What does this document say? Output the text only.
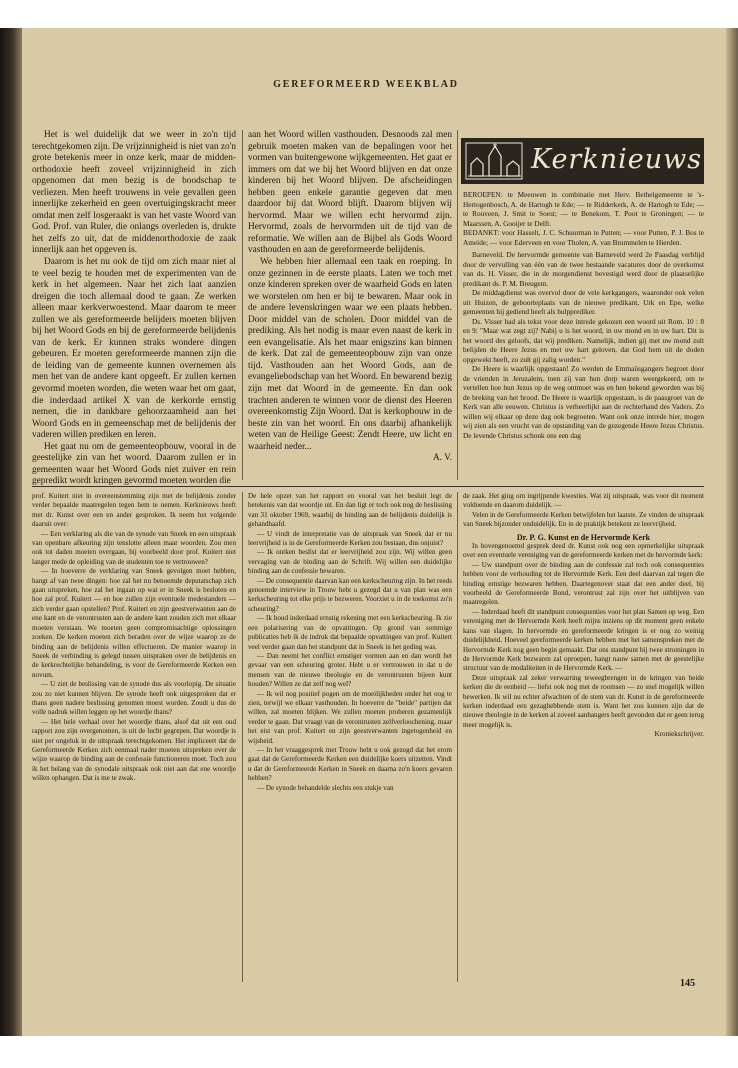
GEREFORMEERD WEEKBLAD

Het is wel duidelijk dat we weer in zo'n tijd terechtgekomen zijn. De vrijzinnigheid is niet van zo'n grote betekenis meer in onze kerk, maar de midden-orthodoxie heeft zoveel vrijzinnigheid in zich opgenomen dat men bezig is de boodschap te verliezen. Men heeft trouwens in vele gevallen geen innerlijke zekerheid en geen overtuigingskracht meer omdat men zelf losgeraakt is van het vaste Woord van God. Prof. van Ruler, die onlangs overleden is, drukte het zelfs zo uit, dat de middenorthodoxie de zaak innerlijk aan het opgeven is.

Daarom is het nu ook de tijd om zich maar niet al te veel bezig te houden met de experimenten van de kerk in het algemeen. Naar het zich laat aanzien dreigen die toch allemaal dood te gaan. Ze werken alleen maar kerkverwoestend. Maar daarom te meer zullen we als gereformeerde belijders moeten blijven bij het Woord Gods en bij de gereformeerde belijdenis van de kerk. Er kunnen straks wondere dingen gebeuren. Er moeten gereformeerde mannen zijn die de leiding van de gemeente kunnen overnemen als men het van de andere kant opgeeft. Er zullen kernen gevormd moeten worden, die weten waar het om gaat, die inderdaad artikel X van de kerkorde ernstig nemen, die in dankbare gehoorzaamheid aan het Woord Gods en in gemeenschap met de belijdenis der vaderen willen prediken en leren.

Het gaat nu om de gemeenteopbouw, vooral in de geestelijke zin van het woord. Daarom zullen er in gemeenten waar het Woord Gods niet zuiver en rein gepredikt wordt kringen gevormd moeten worden die

aan het Woord willen vasthouden. Desnoods zal men gebruik moeten maken van de bepalingen voor het vormen van buitengewone wijkgemeenten. Het gaat er immers om dat we bij het Woord blijven en dat onze kinderen bij het Woord blijven. De afscheidingen hebben geen enkele garantie gegeven dat men daardoor bij dat Woord blijft. Daarom blijven wij hervormd. Maar we willen echt hervormd zijn. Hervormd, zoals de hervormden uit de tijd van de reformatie. We willen aan de Bijbel als Gods Woord vasthouden en aan de gereformeerde belijdenis.

We hebben hier allemaal een taak en roeping. In onze gezinnen in de eerste plaats. Laten we toch met onze kinderen spreken over de waarheid Gods en laten we worstelen om hen er bij te bewaren. Maar ook in de andere levenskringen waar we een plaats hebben. Door middel van de scholen. Door middel van de prediking. Als het nodig is maar even naast de kerk in een evangelisatie. Als het maar enigszins kan binnen de kerk. Dat zal de gemeenteopbouw zijn van onze tijd. Vasthouden aan het Woord Gods, aan de evangeliebodschap van het Woord. En bewarend bezig zijn met dat Woord in de gemeente. En dan ook trachten anderen te winnen voor de dienst des Heeren overeenkomstig Zijn Woord. Dat is kerkopbouw in de beste zin van het woord. En ons daarbij afhankelijk weten van de Heilige Geest: Zendt Heere, uw licht en waarheid neder...

A. V.

Kerknieuws

BEROEPEN: te Meeuwen in combinatie met Herv. Bethelgemeente te 's-Hertogenbosch, A. de Hartogh te Ede; — te Ridderkerk, A. de Hartogh te Ede; — te Rouveen, J. Smit te Soest; — te Benekom, T. Poot te Groningen; — te Maarssen, A. Gooijer te Delft.

BEDANKT: voor Hasselt, J. C. Schuurman te Putten; — voor Putten, P. J. Bos te Ameide; — voor Ederveen en voor Tholen, A. van Brummelen te Hierden.

Barneveld. De hervormde gemeente van Barneveld werd 2e Paasdag verblijd door de vervulling van één van de twee bestaande vacatures door de overkomst van ds. H. Visser, die in de morgendienst bevestigd werd door de plaatselijke predikant ds. P. M. Breugem.

De middagdienst was overvol door de vele kerkgangers, waaronder ook velen uit Huizen, de geboorteplaats van de nieuwe predikant, Urk en Epe, welke gemeenten hij gediend heeft als hulpprediker.

Ds. Visser had als tekst voor deze intrede gekozen een woord uit Rom. 10 : 8 en 9: "Maar wat zegt zij? Nabij u is het woord, in uw mond en in uw hart. Dit is het woord des geloofs, dat wij prediken. Namelijk, indien gij met uw mond zult belijden de Heere Jezus en met uw hart geloven, dat God hem uit de doden opgewekt heeft, zo zult gij zalig worden."

De Heere is waarlijk opgestaan! Zo werden de Emmaüsgangers begroet door de vrienden in Jeruzalem, toen zij van hun dorp waren weergekeerd, om te vertellen hoe hun Jezus op de weg ontmoet was en hen bekend geworden was bij de breking van het brood. De Heere is waarlijk opgestaan, is de paasgroet van de Kerk van alle eeuwen. Christus is verheerlijkt aan de rechterhand des Vaders. Zo willen wij elkaar op deze dag ook begroeten. Want ook onze intrede hier, mogen wij zien als een vrucht van de opstanding van de gezegende Heere Jezus Christus. De levende Christus schonk ons een dag

prof. Kuitert niet in overeenstemming zijn met de belijdenis zonder verder bepaalde maatregelen tegen hem te nemen. Kerknieuws heeft met dr. Kunst over een en ander gesproken. Ik neem het volgende daaruit over:

— Een verklaring als die van de synode van Sneek en een uitspraak van openbare afkeuring zijn tenslotte alleen maar woorden. Zou men ook tot daden moeten overgaan, bij voorbeeld door prof. Kuitert niet langer mede de opleiding van de studenten toe te vertrouwen?

— In hoeverre de verklaring van Sneek gevolgen moet hebben, hangt af van twee dingen: hoe zal het nu benoemde deputatschap zich gaan uitspreken, hoe zal het ingaan op wat er in Sneek is besloten en hoe zal prof. Kuitert — en hoe zullen zijn eventuele medestanders — zich verder gaan opstellen? Prof. Kuitert en zijn geestverwanten aan de ene kant en de verontrusten aan de andere kant zouden zich met elkaar moeten verstaan. We moeten geen compromisachtige oplossingen zoeken. De kerken moeten zich beraden over de wijze waarop ze de binding aan de belijdenis willen effectueren. De manier waarop in Sneek de verbinding is gelegd tussen uitspraken over de belijdenis en de kerkrechtelijke behandeling, is voor de Gereformeerde Kerken een novum.

— U ziet de beslissing van de synode dus als voorlopig. De situatie zou zo niet kunnen blijven. De synode heeft ook uitgesproken dat er thans geen nadere beslissing genomen moest worden. Zoudt u dus de volle nadruk willen leggen op het woordje thans?

— Het hele verhaal over het woordje thans, alsof dat uit een oud rapport zou zijn overgenomen, is uit de lucht gegrepen. Dat woordje is niet per ongeluk in de uitspraak terechtgekomen. Het impliceert dat de Gereformeerde Kerken zich eenmaal nader moeten uitspreken over de wijze waarop de binding aan de confessie functioneren moet. Toch zou ik het belang van de synodale uitspraak ook niet aan dat ene woordje willen ophangen. Dat is me te zwak.

De hele opzet van het rapport en vooral van het besluit legt de betekenis van dat woordje uit. En dan ligt er toch ook nog de beslissing van 31 oktober 1969, waarbij de binding aan de belijdenis duidelijk is gehandhaafd.

— U vindt de interpretatie van de uitspraak van Sneek dat er nu leervrijheid is in de Gereformeerde Kerken zou bestaan, dus onjuist?

— Ik ontken beslist dat er leervrijheid zou zijn. Wij willen geen vervaging van de binding aan de Schrift. Wij willen een duidelijke binding aan de confessie bewaren.

— De consequentie daarvan kan een kerkscheuring zijn. In het reeds genoemde interview in Trouw hebt u gezegd dat u van plan was een kerkscheuring tot elke prijs te bezweren. Voorziet u in de toekomst zo'n scheuring?

— Ik houd inderdaad ernstig rekening met een kerkscheuring. Ik zie een polarisering van de opvattingen. Op grond van sommige publicaties heb ik de indruk dat bepaalde opvattingen van prof. Kuitert veel verder gaan dan het standpunt dat in Sneek in het geding was.

— Dan neemt het conflict ernstiger vormen aan en dan wordt het gevaar van een scheuring groter. Hebt u er vertrouwen in dat u de mensen van de nieuwe theologie en de verontrusten bijeen kunt houden? Willen ze dat zelf nog wel?

— Ik wil nog positief pogen om de moeilijkheden onder het oog te zien, terwijl we elkaar vasthouden. In hoeverre de "beide" partijen dat willen, zal moeten blijken. We zullen moeten proberen gezamenlijk verder te gaan. Dat vraagt van de verontrusten zelfverloochening, maar het eist van prof. Kuitert en zijn geestverwanten ingetogenheid en wijsheid.

— In het vraaggesprek met Trouw hebt u ook gezegd dat het erom gaat dat de Gereformeerde Kerken een duidelijke koers uitzetten. Vindt u dat de Gereformeerde Kerken in Sneek en daarna zo'n koers gevaren hebben?

— De synode behandelde slechts een stukje van

de zaak. Het ging om ingrijpende kwesties. Wat zij uitspraak, was voor dit moment voldoende en daarom duidelijk. —

Velen in de Gereformeerde Kerken betwijfelen het laatste. Ze vinden de uitspraak van Sneek bijzonder onduidelijk. En in de praktijk betekent ze leervrijheid.

Dr. P. G. Kunst en de Hervormde Kerk

In bovengenoemd gesprek deed dr. Kunst ook nog een opmerkelijke uitspraak over een eventuele vereniging van de gereformeerde kerken met de hervormde kerk:

— Uw standpunt over de binding aan de confessie zal toch ook consequenties hebben voor de verhouding tot de Hervormde Kerk. Een deel daarvan zal tegen die binding ernstige bezwaren hebben. Daartegenover staat dat een ander deel, bij voorbeeld de Gereformeerde Bond, verontrust zal zijn over het uitblijven van maatregelen.

— Inderdaad heeft dit standpunt consequenties voor het plan Samen op weg. Een vereniging met de Hervormde Kerk heeft mijns inziens op dit moment geen enkele kans van slagen. In hervormde en gereformeerde kringen is er nog zo weinig duidelijkheid. Hoeveel gereformeerde kerken hebben met het samenspreken met de Hervormde Kerk nog geen begin gemaakt. Dat ons standpunt bij twee stromingen in de Hervormde Kerk bezwaren zal oproepen, hangt nauw samen met de geestelijke structuur van de modaliteiten in de Hervormde Kerk. —

Deze uitspraak zal zeker verwarring teweegbrengen in de kringen van beide kerken die de eenheid — liefst ook nog met de roomsen — zo snel mogelijk willen bewerken. Ik wil nu echter afwachten of de stem van dr. Kunst in de gereformeerde kerken inderdaad een gezaghebbende stem is. Want het zou kunnen zijn dat de nieuwe theologie in de kerken al zoveel aanhangers heeft gevonden dat er geen terug meer mogelijk is.

Kroniekschrijver.

145
